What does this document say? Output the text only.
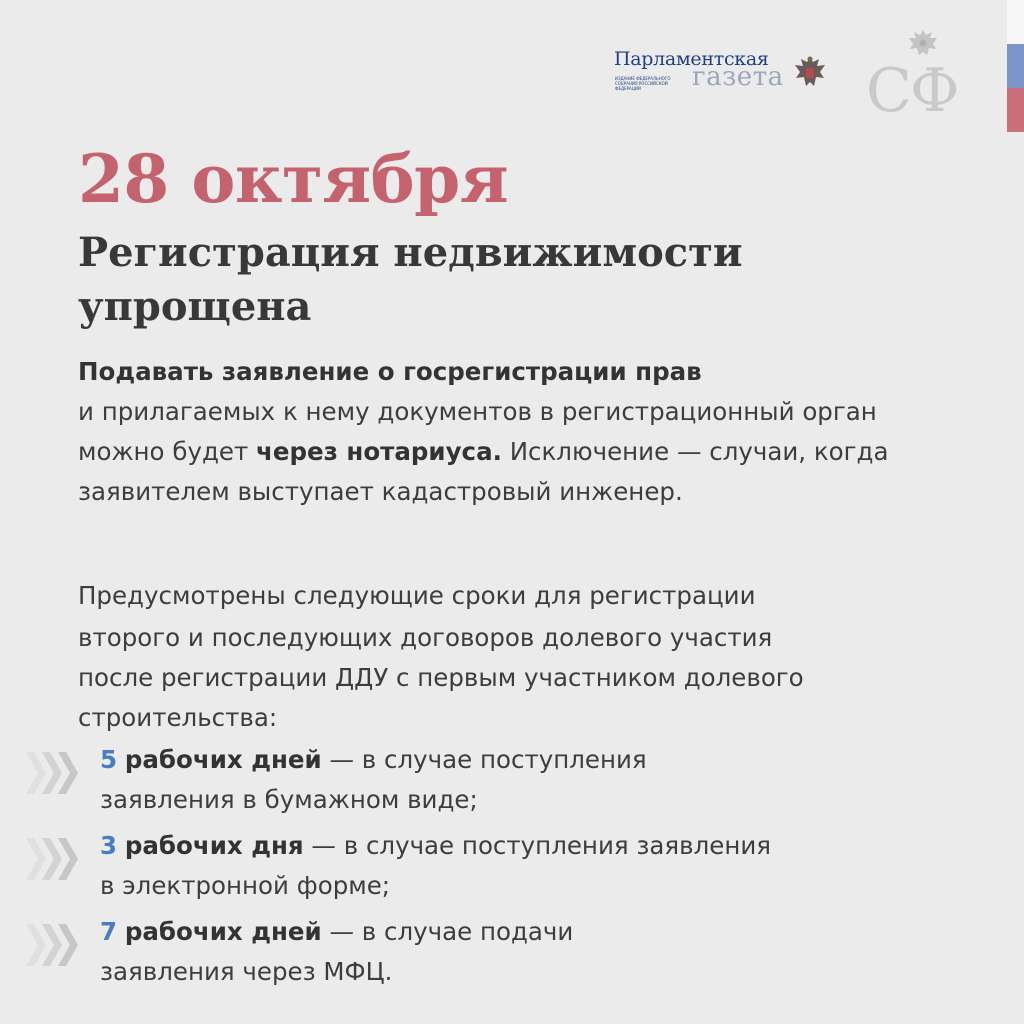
Парламентская
ИЗДАНИЕ ФЕДЕРАЛЬНОГО СОБРАНИЯ РОССИЙСКОЙ ФЕДЕРАЦИИ	газета СФ
28 октября
Регистрация недвижимости упрощена

Подавать заявление о госрегистрации прав
и прилагаемых к нему документов в регистрационный орган можно будет через нотариуса. Исключение — случаи, когда заявителем выступает кадастровый инженер.

Предусмотрены следующие сроки для регистрации

второго и последующих договоров долевого участия

после регистрации ДДУ с первым участником долевого

строительства:

5 рабочих дней — в случае поступления

заявления в бумажном виде;

3 рабочих дня — в случае поступления заявления

в электронной форме;

7 рабочих дней — в случае подачи

заявления через МФЦ.
